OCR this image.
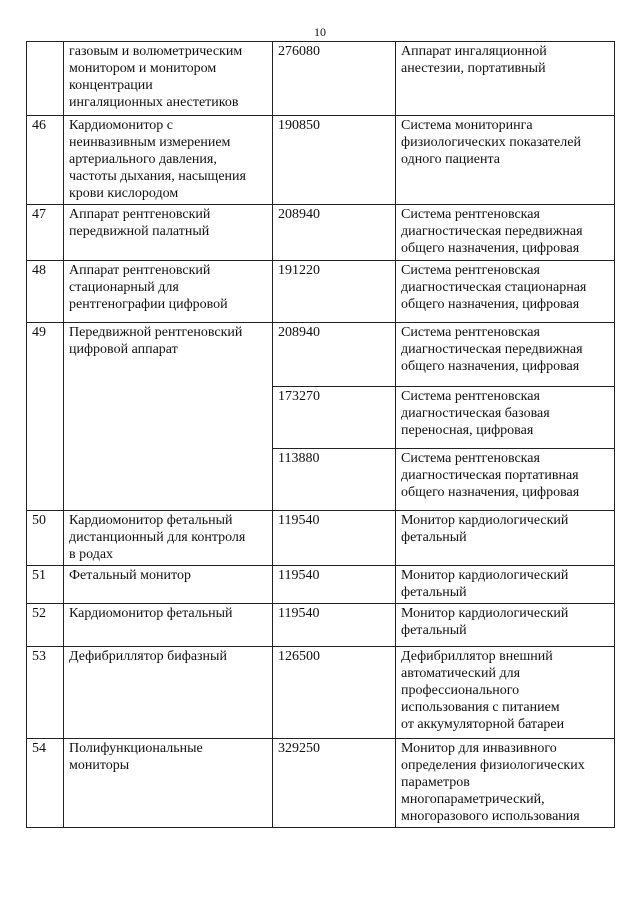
10
	газовым и волюметрическим
монитором и монитором
концентрации
ингаляционных анестетиков	276080	Аппарат ингаляционной
анестезии, портативный
46	Кардиомонитор с
неинвазивным измерением
артериального давления,
частоты дыхания, насыщения
крови кислородом	190850	Система мониторинга
физиологических показателей
одного пациента
47	Аппарат рентгеновский
передвижной палатный	208940	Система рентгеновская
диагностическая передвижная
общего назначения, цифровая
48	Аппарат рентгеновский
стационарный для
рентгенографии цифровой	191220	Система рентгеновская
диагностическая стационарная
общего назначения, цифровая
49	Передвижной рентгеновский
цифровой аппарат	208940	Система рентгеновская
диагностическая передвижная
общего назначения, цифровая
		173270	Система рентгеновская
диагностическая базовая
переносная, цифровая
		113880	Система рентгеновская
диагностическая портативная
общего назначения, цифровая
50	Кардиомонитор фетальный
дистанционный для контроля
в родах	119540	Монитор кардиологический
фетальный
51	Фетальный монитор	119540	Монитор кардиологический
фетальный
52	Кардиомонитор фетальный	119540	Монитор кардиологический
фетальный
53	Дефибриллятор бифазный	126500	Дефибриллятор внешний
автоматический для
профессионального
использования с питанием
от аккумуляторной батареи
54	Полифункциональные
мониторы	329250	Монитор для инвазивного
определения физиологических
параметров
многопараметрический,
многоразового использования
